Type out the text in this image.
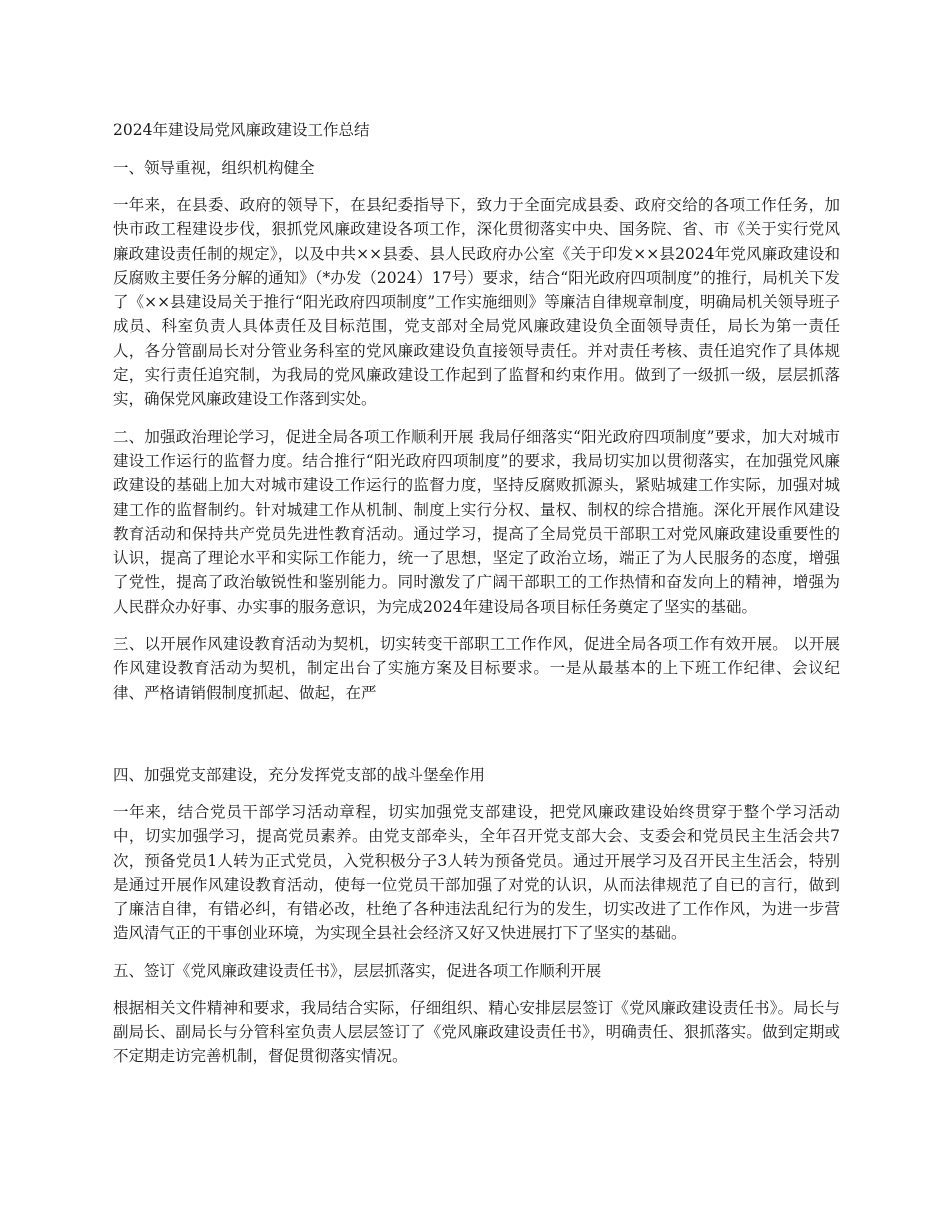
2024年建设局党风廉政建设工作总结

一、领导重视，组织机构健全

一年来，在县委、政府的领导下，在县纪委指导下，致力于全面完成县委、政府交给的各项工作任务，加快市政工程建设步伐，狠抓党风廉政建设各项工作，深化贯彻落实中央、国务院、省、市《关于实行党风廉政建设责任制的规定》，以及中共××县委、县人民政府办公室《关于印发××县2024年党风廉政建设和反腐败主要任务分解的通知》（*办发（2024）17号）要求，结合“阳光政府四项制度”的推行，局机关下发了《××县建设局关于推行“阳光政府四项制度”工作实施细则》等廉洁自律规章制度，明确局机关领导班子成员、科室负责人具体责任及目标范围，党支部对全局党风廉政建设负全面领导责任，局长为第一责任人，各分管副局长对分管业务科室的党风廉政建设负直接领导责任。并对责任考核、责任追究作了具体规定，实行责任追究制，为我局的党风廉政建设工作起到了监督和约束作用。做到了一级抓一级，层层抓落实，确保党风廉政建设工作落到实处。

二、加强政治理论学习，促进全局各项工作顺利开展 我局仔细落实“阳光政府四项制度”要求，加大对城市建设工作运行的监督力度。结合推行“阳光政府四项制度”的要求，我局切实加以贯彻落实，在加强党风廉政建设的基础上加大对城市建设工作运行的监督力度，坚持反腐败抓源头，紧贴城建工作实际，加强对城建工作的监督制约。针对城建工作从机制、制度上实行分权、量权、制权的综合措施。深化开展作风建设教育活动和保持共产党员先进性教育活动。通过学习，提高了全局党员干部职工对党风廉政建设重要性的认识，提高了理论水平和实际工作能力，统一了思想，坚定了政治立场，端正了为人民服务的态度，增强了党性，提高了政治敏锐性和鉴别能力。同时激发了广阔干部职工的工作热情和奋发向上的精神，增强为人民群众办好事、办实事的服务意识，为完成2024年建设局各项目标任务奠定了坚实的基础。

三、以开展作风建设教育活动为契机，切实转变干部职工工作作风，促进全局各项工作有效开展。 以开展作风建设教育活动为契机，制定出台了实施方案及目标要求。一是从最基本的上下班工作纪律、会议纪律、严格请销假制度抓起、做起，在严

四、加强党支部建设，充分发挥党支部的战斗堡垒作用

一年来，结合党员干部学习活动章程，切实加强党支部建设，把党风廉政建设始终贯穿于整个学习活动中，切实加强学习，提高党员素养。由党支部牵头，全年召开党支部大会、支委会和党员民主生活会共7次，预备党员1人转为正式党员，入党积极分子3人转为预备党员。通过开展学习及召开民主生活会，特别是通过开展作风建设教育活动，使每一位党员干部加强了对党的认识，从而法律规范了自已的言行，做到了廉洁自律，有错必纠，有错必改，杜绝了各种违法乱纪行为的发生，切实改进了工作作风，为进一步营造风清气正的干事创业环境，为实现全县社会经济又好又快进展打下了坚实的基础。

五、签订《党风廉政建设责任书》，层层抓落实，促进各项工作顺利开展

根据相关文件精神和要求，我局结合实际，仔细组织、精心安排层层签订《党风廉政建设责任书》。局长与副局长、副局长与分管科室负责人层层签订了《党风廉政建设责任书》，明确责任、狠抓落实。做到定期或不定期走访完善机制，督促贯彻落实情况。
